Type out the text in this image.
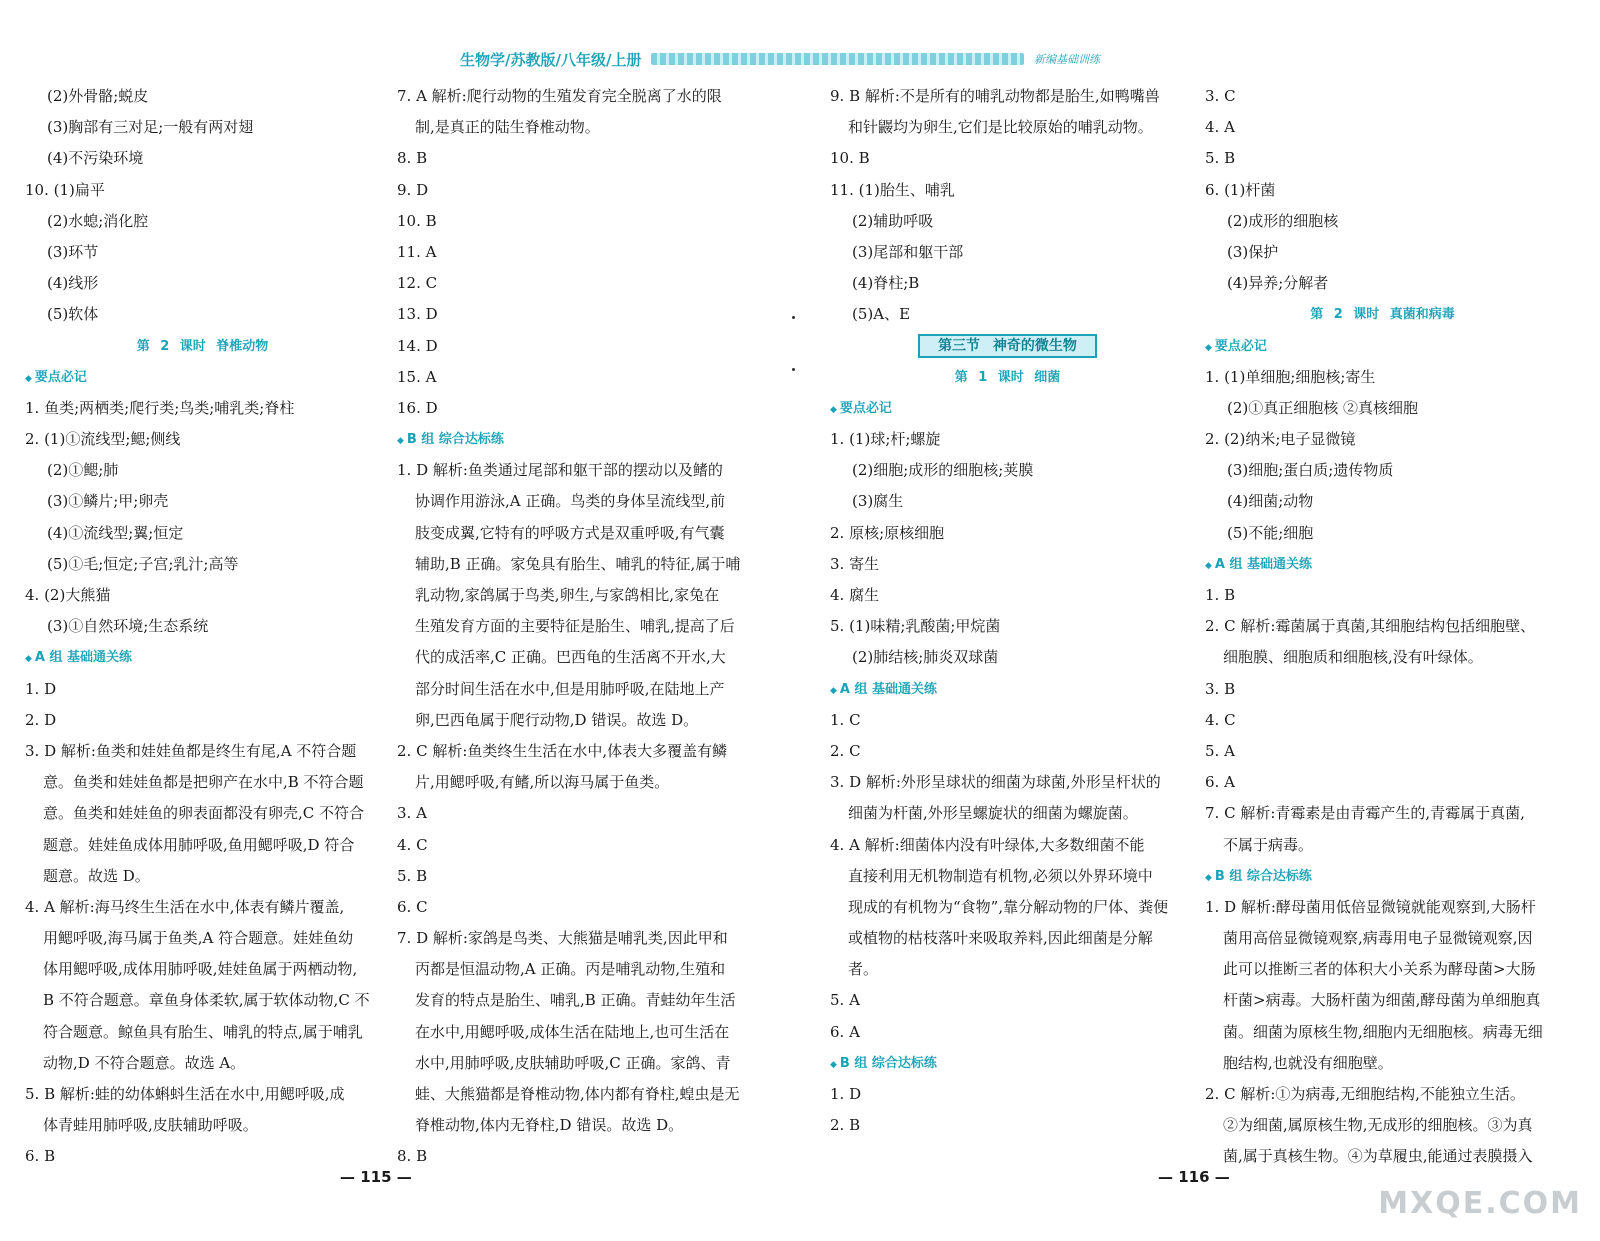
生物学/苏教版/八年级/上册	新编基础训练
(2)外骨骼;蜕皮
(3)胸部有三对足;一般有两对翅
(4)不污染环境
10. (1)扁平
(2)水螅;消化腔
(3)环节
(4)线形
(5)软体
第 2 课时 脊椎动物
◆ 要点必记
1. 鱼类;两栖类;爬行类;鸟类;哺乳类;脊柱
2. (1)①流线型;鳃;侧线
(2)①鳃;肺
(3)①鳞片;甲;卵壳
(4)①流线型;翼;恒定
(5)①毛;恒定;子宫;乳汁;高等
4. (2)大熊猫
(3)①自然环境;生态系统
◆ A 组 基础通关练
1. D
2. D
3. D 解析:鱼类和娃娃鱼都是终生有尾,A 不符合题
意。鱼类和娃娃鱼都是把卵产在水中,B 不符合题
意。鱼类和娃娃鱼的卵表面都没有卵壳,C 不符合
题意。娃娃鱼成体用肺呼吸,鱼用鳃呼吸,D 符合
题意。故选 D。
4. A 解析:海马终生生活在水中,体表有鳞片覆盖,
用鳃呼吸,海马属于鱼类,A 符合题意。娃娃鱼幼
体用鳃呼吸,成体用肺呼吸,娃娃鱼属于两栖动物,
B 不符合题意。章鱼身体柔软,属于软体动物,C 不
符合题意。鲸鱼具有胎生、哺乳的特点,属于哺乳
动物,D 不符合题意。故选 A。
5. B 解析:蛙的幼体蝌蚪生活在水中,用鳃呼吸,成
体青蛙用肺呼吸,皮肤辅助呼吸。
6. B
7. A 解析:爬行动物的生殖发育完全脱离了水的限
制,是真正的陆生脊椎动物。
8. B
9. D
10. B
11. A
12. C
13. D
14. D
15. A
16. D
◆ B 组 综合达标练
1. D 解析:鱼类通过尾部和躯干部的摆动以及鳍的
协调作用游泳,A 正确。鸟类的身体呈流线型,前
肢变成翼,它特有的呼吸方式是双重呼吸,有气囊
辅助,B 正确。家兔具有胎生、哺乳的特征,属于哺
乳动物,家鸽属于鸟类,卵生,与家鸽相比,家兔在
生殖发育方面的主要特征是胎生、哺乳,提高了后
代的成活率,C 正确。巴西龟的生活离不开水,大
部分时间生活在水中,但是用肺呼吸,在陆地上产
卵,巴西龟属于爬行动物,D 错误。故选 D。
2. C 解析:鱼类终生生活在水中,体表大多覆盖有鳞
片,用鳃呼吸,有鳍,所以海马属于鱼类。
3. A
4. C
5. B
6. C
7. D 解析:家鸽是鸟类、大熊猫是哺乳类,因此甲和
丙都是恒温动物,A 正确。丙是哺乳动物,生殖和
发育的特点是胎生、哺乳,B 正确。青蛙幼年生活
在水中,用鳃呼吸,成体生活在陆地上,也可生活在
水中,用肺呼吸,皮肤辅助呼吸,C 正确。家鸽、青
蛙、大熊猫都是脊椎动物,体内都有脊柱,蝗虫是无
脊椎动物,体内无脊柱,D 错误。故选 D。
8. B
9. B 解析:不是所有的哺乳动物都是胎生,如鸭嘴兽
和针鼹均为卵生,它们是比较原始的哺乳动物。
10. B
11. (1)胎生、哺乳
(2)辅助呼吸
(3)尾部和躯干部
(4)脊柱;B
(5)A、E
第三节 神奇的微生物
第 1 课时 细菌
◆ 要点必记
1. (1)球;杆;螺旋
(2)细胞;成形的细胞核;荚膜
(3)腐生
2. 原核;原核细胞
3. 寄生
4. 腐生
5. (1)味精;乳酸菌;甲烷菌
(2)肺结核;肺炎双球菌
◆ A 组 基础通关练
1. C
2. C
3. D 解析:外形呈球状的细菌为球菌,外形呈杆状的
细菌为杆菌,外形呈螺旋状的细菌为螺旋菌。
4. A 解析:细菌体内没有叶绿体,大多数细菌不能
直接利用无机物制造有机物,必须以外界环境中
现成的有机物为“食物”,靠分解动物的尸体、粪便
或植物的枯枝落叶来吸取养料,因此细菌是分解
者。
5. A
6. A
◆ B 组 综合达标练
1. D
2. B
3. C
4. A
5. B
6. (1)杆菌
(2)成形的细胞核
(3)保护
(4)异养;分解者
第 2 课时 真菌和病毒
◆ 要点必记
1. (1)单细胞;细胞核;寄生
(2)①真正细胞核 ②真核细胞
2. (2)纳米;电子显微镜
(3)细胞;蛋白质;遗传物质
(4)细菌;动物
(5)不能;细胞
◆ A 组 基础通关练
1. B
2. C 解析:霉菌属于真菌,其细胞结构包括细胞壁、
细胞膜、细胞质和细胞核,没有叶绿体。
3. B
4. C
5. A
6. A
7. C 解析:青霉素是由青霉产生的,青霉属于真菌,
不属于病毒。
◆ B 组 综合达标练
1. D 解析:酵母菌用低倍显微镜就能观察到,大肠杆
菌用高倍显微镜观察,病毒用电子显微镜观察,因
此可以推断三者的体积大小关系为酵母菌>大肠
杆菌>病毒。大肠杆菌为细菌,酵母菌为单细胞真
菌。细菌为原核生物,细胞内无细胞核。病毒无细
胞结构,也就没有细胞壁。
2. C 解析:①为病毒,无细胞结构,不能独立生活。
②为细菌,属原核生物,无成形的细胞核。③为真
菌,属于真核生物。④为草履虫,能通过表膜摄入
— 115 —	— 116 —
MXQE.COM
